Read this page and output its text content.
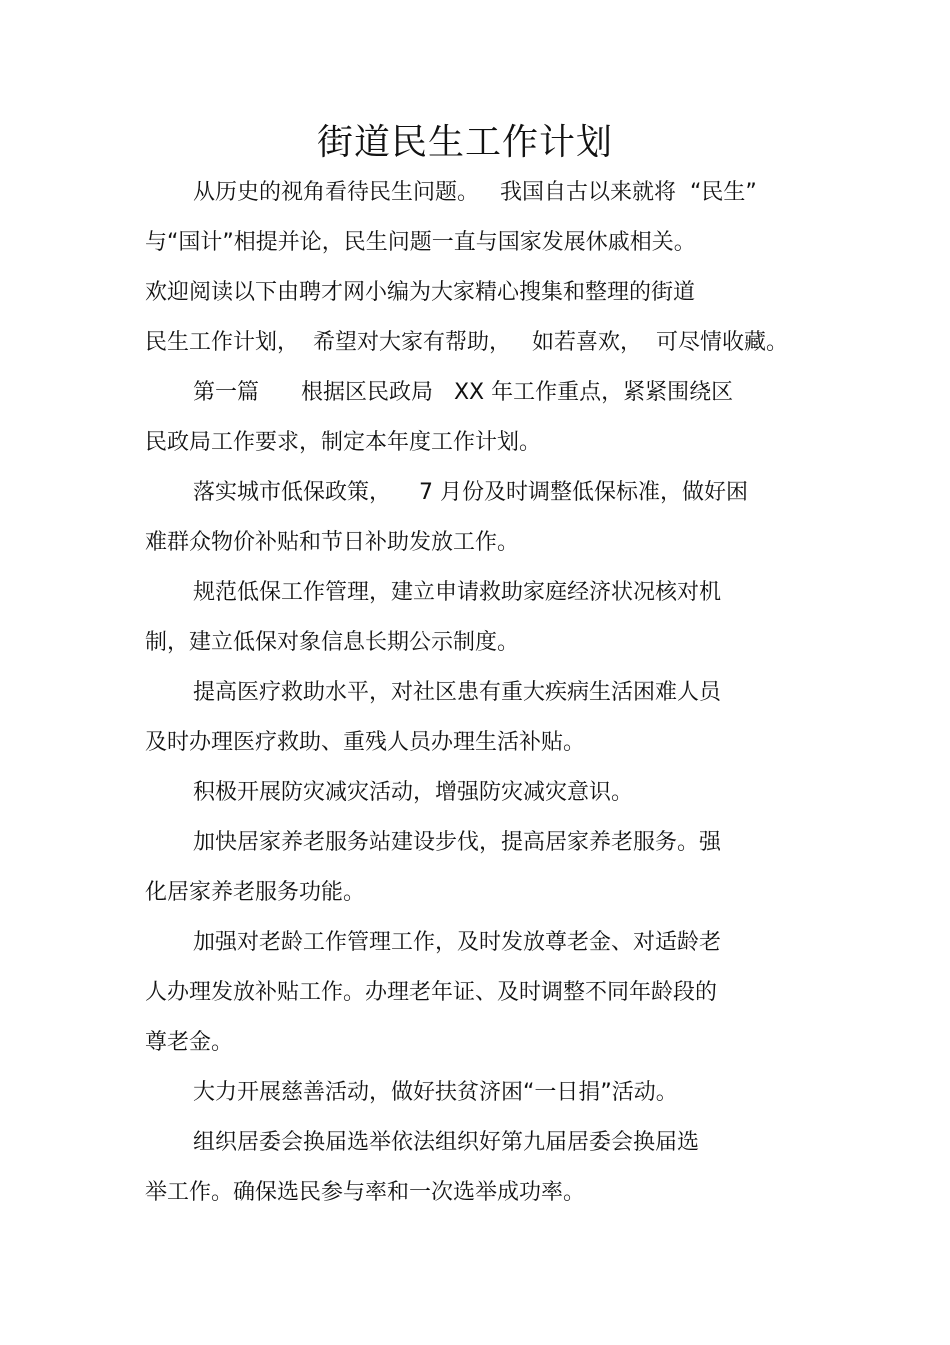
街道民生工作计划
从历史的视角看待民生问题。   我国自古以来就将  “民生”
与“国计”相提并论，民生问题一直与国家发展休戚相关。
欢迎阅读以下由聘才网小编为大家精心搜集和整理的街道
民生工作计划，  希望对大家有帮助，   如若喜欢，  可尽情收藏。
第一篇      根据区民政局   XX 年工作重点，紧紧围绕区
民政局工作要求，制定本年度工作计划。
落实城市低保政策，    7 月份及时调整低保标准，做好困
难群众物价补贴和节日补助发放工作。
规范低保工作管理，建立申请救助家庭经济状况核对机
制，建立低保对象信息长期公示制度。
提高医疗救助水平，对社区患有重大疾病生活困难人员
及时办理医疗救助、重残人员办理生活补贴。
积极开展防灾减灾活动，增强防灾减灾意识。
加快居家养老服务站建设步伐，提高居家养老服务。强
化居家养老服务功能。
加强对老龄工作管理工作，及时发放尊老金、对适龄老
人办理发放补贴工作。办理老年证、及时调整不同年龄段的
尊老金。
大力开展慈善活动，做好扶贫济困“一日捐”活动。
组织居委会换届选举依法组织好第九届居委会换届选
举工作。确保选民参与率和一次选举成功率。
